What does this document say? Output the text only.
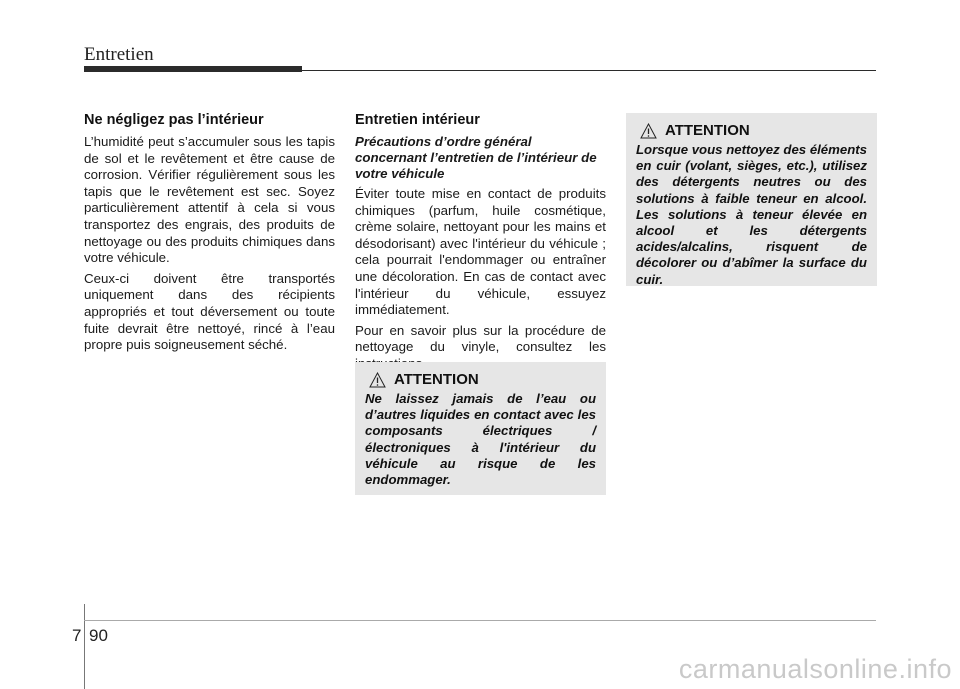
Entretien
Ne négligez pas l’intérieur

L’humidité peut s’accumuler sous les tapis de sol et le revêtement et être cause de corrosion. Vérifier régulièrement sous les tapis que le revêtement est sec. Soyez particulièrement attentif à cela si vous transportez des engrais, des produits de nettoyage ou des produits chimiques dans votre véhicule.

Ceux-ci doivent être transportés uniquement dans des récipients appropriés et tout déversement ou toute fuite devrait être nettoyé, rincé à l’eau propre puis soigneusement séché.

Entretien intérieur

Précautions d’ordre général concernant l’entretien de l’intérieur de votre véhicule

Éviter toute mise en contact de produits chimiques (parfum, huile cosmétique, crème solaire, nettoyant pour les mains et désodorisant) avec l'intérieur du véhicule ; cela pourrait l'endommager ou entraîner une décoloration. En cas de contact avec l'intérieur du véhicule, essuyez immédiatement.

Pour en savoir plus sur la procédure de nettoyage du vinyle, consultez les

ATTENTION

Ne laissez jamais de l’eau ou d’autres liquides en contact avec les composants électriques / électroniques à l'intérieur du véhicule au risque de les endommager.

ATTENTION

Lorsque vous nettoyez des éléments en cuir (volant, sièges, etc.), utilisez des détergents neutres ou des solutions à faible teneur en alcool. Les solutions à teneur élevée en alcool et les détergents acides/alcalins, risquent de décolorer ou d’abîmer la surface du cuir.

7 90
carmanualsonline.info
